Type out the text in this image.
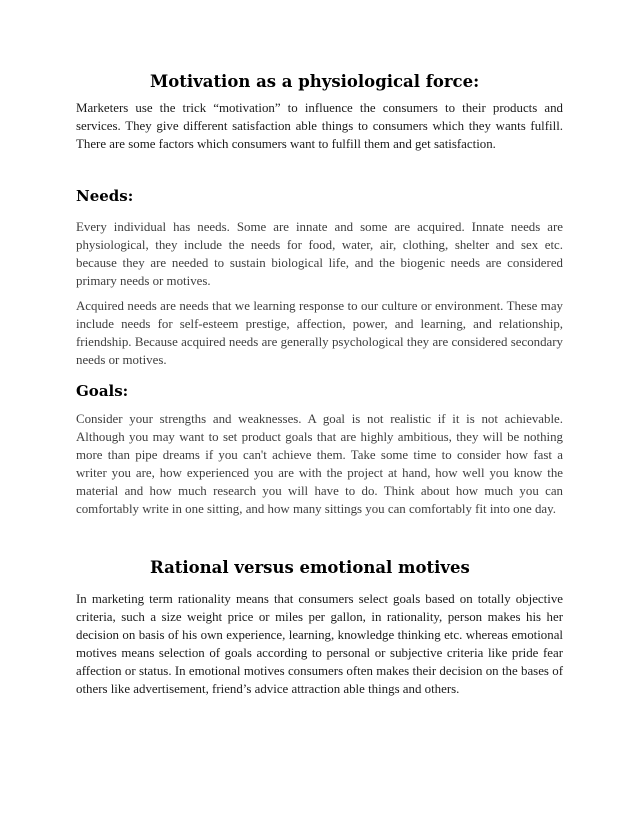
Motivation as a physiological force:

Marketers use the trick “motivation” to influence the consumers to their products and services. They give different satisfaction able things to consumers which they wants fulfill. There are some factors which consumers want to fulfill them and get satisfaction.

Needs:

Every individual has needs. Some are innate and some are acquired. Innate needs are physiological, they include the needs for food, water, air, clothing, shelter and sex etc. because they are needed to sustain biological life, and the biogenic needs are considered primary needs or motives.

Acquired needs are needs that we learning response to our culture or environment. These may include needs for self-esteem prestige, affection, power, and learning, and relationship, friendship. Because acquired needs are generally psychological they are considered secondary needs or motives.

Goals:

Consider your strengths and weaknesses. A goal is not realistic if it is not achievable. Although you may want to set product goals that are highly ambitious, they will be nothing more than pipe dreams if you can't achieve them. Take some time to consider how fast a writer you are, how experienced you are with the project at hand, how well you know the material and how much research you will have to do. Think about how much you can comfortably write in one sitting, and how many sittings you can comfortably fit into one day.

Rational versus emotional motives

In marketing term rationality means that consumers select goals based on totally objective criteria, such a size weight price or miles per gallon, in rationality, person makes his her decision on basis of his own experience, learning, knowledge thinking etc. whereas emotional motives means selection of goals according to personal or subjective criteria like pride fear affection or status. In emotional motives consumers often makes their decision on the bases of others like advertisement, friend’s advice attraction able things and others.
